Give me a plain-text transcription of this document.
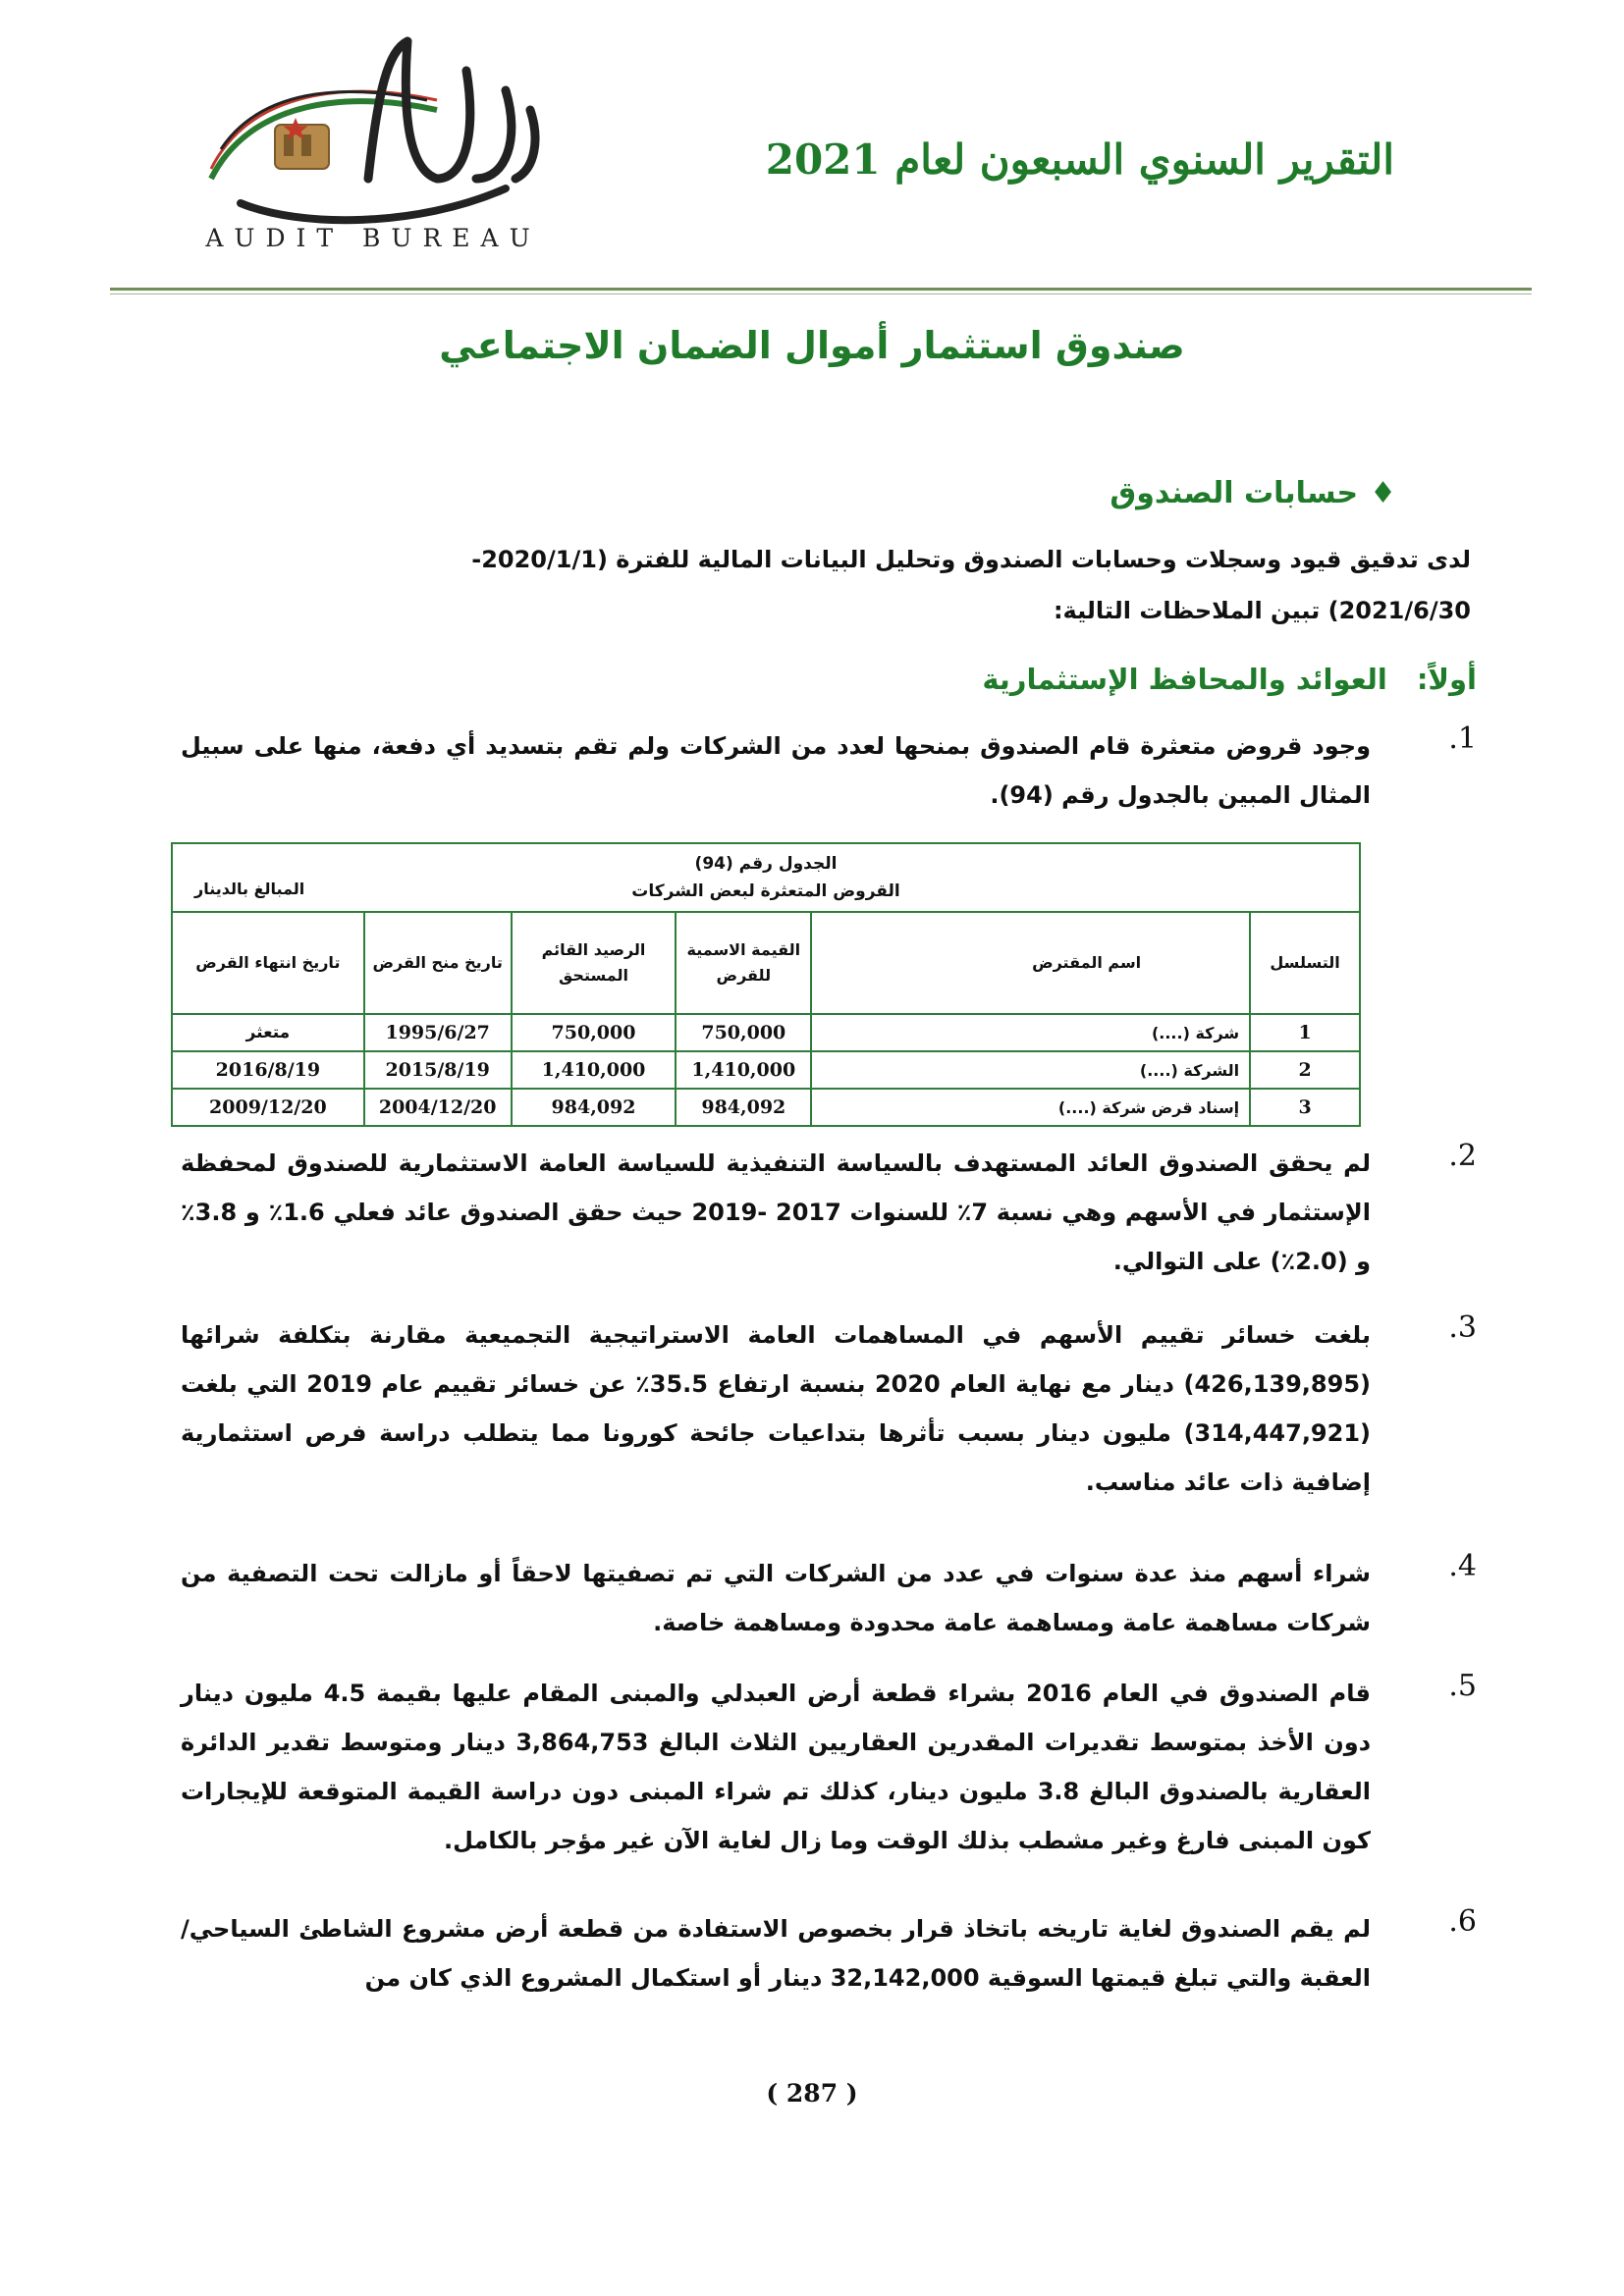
AUDIT BUREAU
التقرير السنوي السبعون لعام 2021
صندوق استثمار أموال الضمان الاجتماعي
♦حسابات الصندوق
لدى تدقيق قيود وسجلات وحسابات الصندوق وتحليل البيانات المالية للفترة (2020/1/1-
2021/6/30) تبين الملاحظات التالية:
أولاً:العوائد والمحافظ الإستثمارية
1.
وجود قروض متعثرة قام الصندوق بمنحها لعدد من الشركات ولم تقم بتسديد أي دفعة، منها على سبيل المثال المبين بالجدول رقم (94).
الجدول رقم (94)
القروض المتعثرة لبعض الشركات
المبالغ بالدينار
التسلسل	اسم المقترض	القيمة الاسمية للقرض	الرصيد القائم المستحق	تاريخ منح القرض	تاريخ انتهاء القرض
1	شركة (....)	750,000	750,000	1995/6/27	متعثر
2	الشركة (....)	1,410,000	1,410,000	2015/8/19	2016/8/19
3	إسناد قرض شركة (....)	984,092	984,092	2004/12/20	2009/12/20
2.
لم يحقق الصندوق العائد المستهدف بالسياسة التنفيذية للسياسة العامة الاستثمارية للصندوق لمحفظة الإستثمار في الأسهم وهي نسبة 7٪ للسنوات 2017 -2019 حيث حقق الصندوق عائد فعلي 1.6٪ و 3.8٪ و (2.0٪) على التوالي.
3.
بلغت خسائر تقييم الأسهم في المساهمات العامة الاستراتيجية التجميعية مقارنة بتكلفة شرائها (426,139,895) دينار مع نهاية العام 2020 بنسبة ارتفاع 35.5٪ عن خسائر تقييم عام 2019 التي بلغت (314,447,921) مليون دينار بسبب تأثرها بتداعيات جائحة كورونا مما يتطلب دراسة فرص استثمارية إضافية ذات عائد مناسب.
4.
شراء أسهم منذ عدة سنوات في عدد من الشركات التي تم تصفيتها لاحقاً أو مازالت تحت التصفية من شركات مساهمة عامة ومساهمة عامة محدودة ومساهمة خاصة.
5.
قام الصندوق في العام 2016 بشراء قطعة أرض العبدلي والمبنى المقام عليها بقيمة 4.5 مليون دينار دون الأخذ بمتوسط تقديرات المقدرين العقاريين الثلاث البالغ 3,864,753 دينار ومتوسط تقدير الدائرة العقارية بالصندوق البالغ 3.8 مليون دينار، كذلك تم شراء المبنى دون دراسة القيمة المتوقعة للإيجارات كون المبنى فارغ وغير مشطب بذلك الوقت وما زال لغاية الآن غير مؤجر بالكامل.
6.
لم يقم الصندوق لغاية تاريخه باتخاذ قرار بخصوص الاستفادة من قطعة أرض مشروع الشاطئ السياحي/ العقبة والتي تبلغ قيمتها السوقية 32,142,000 دينار أو استكمال المشروع الذي كان من
( 287 )
